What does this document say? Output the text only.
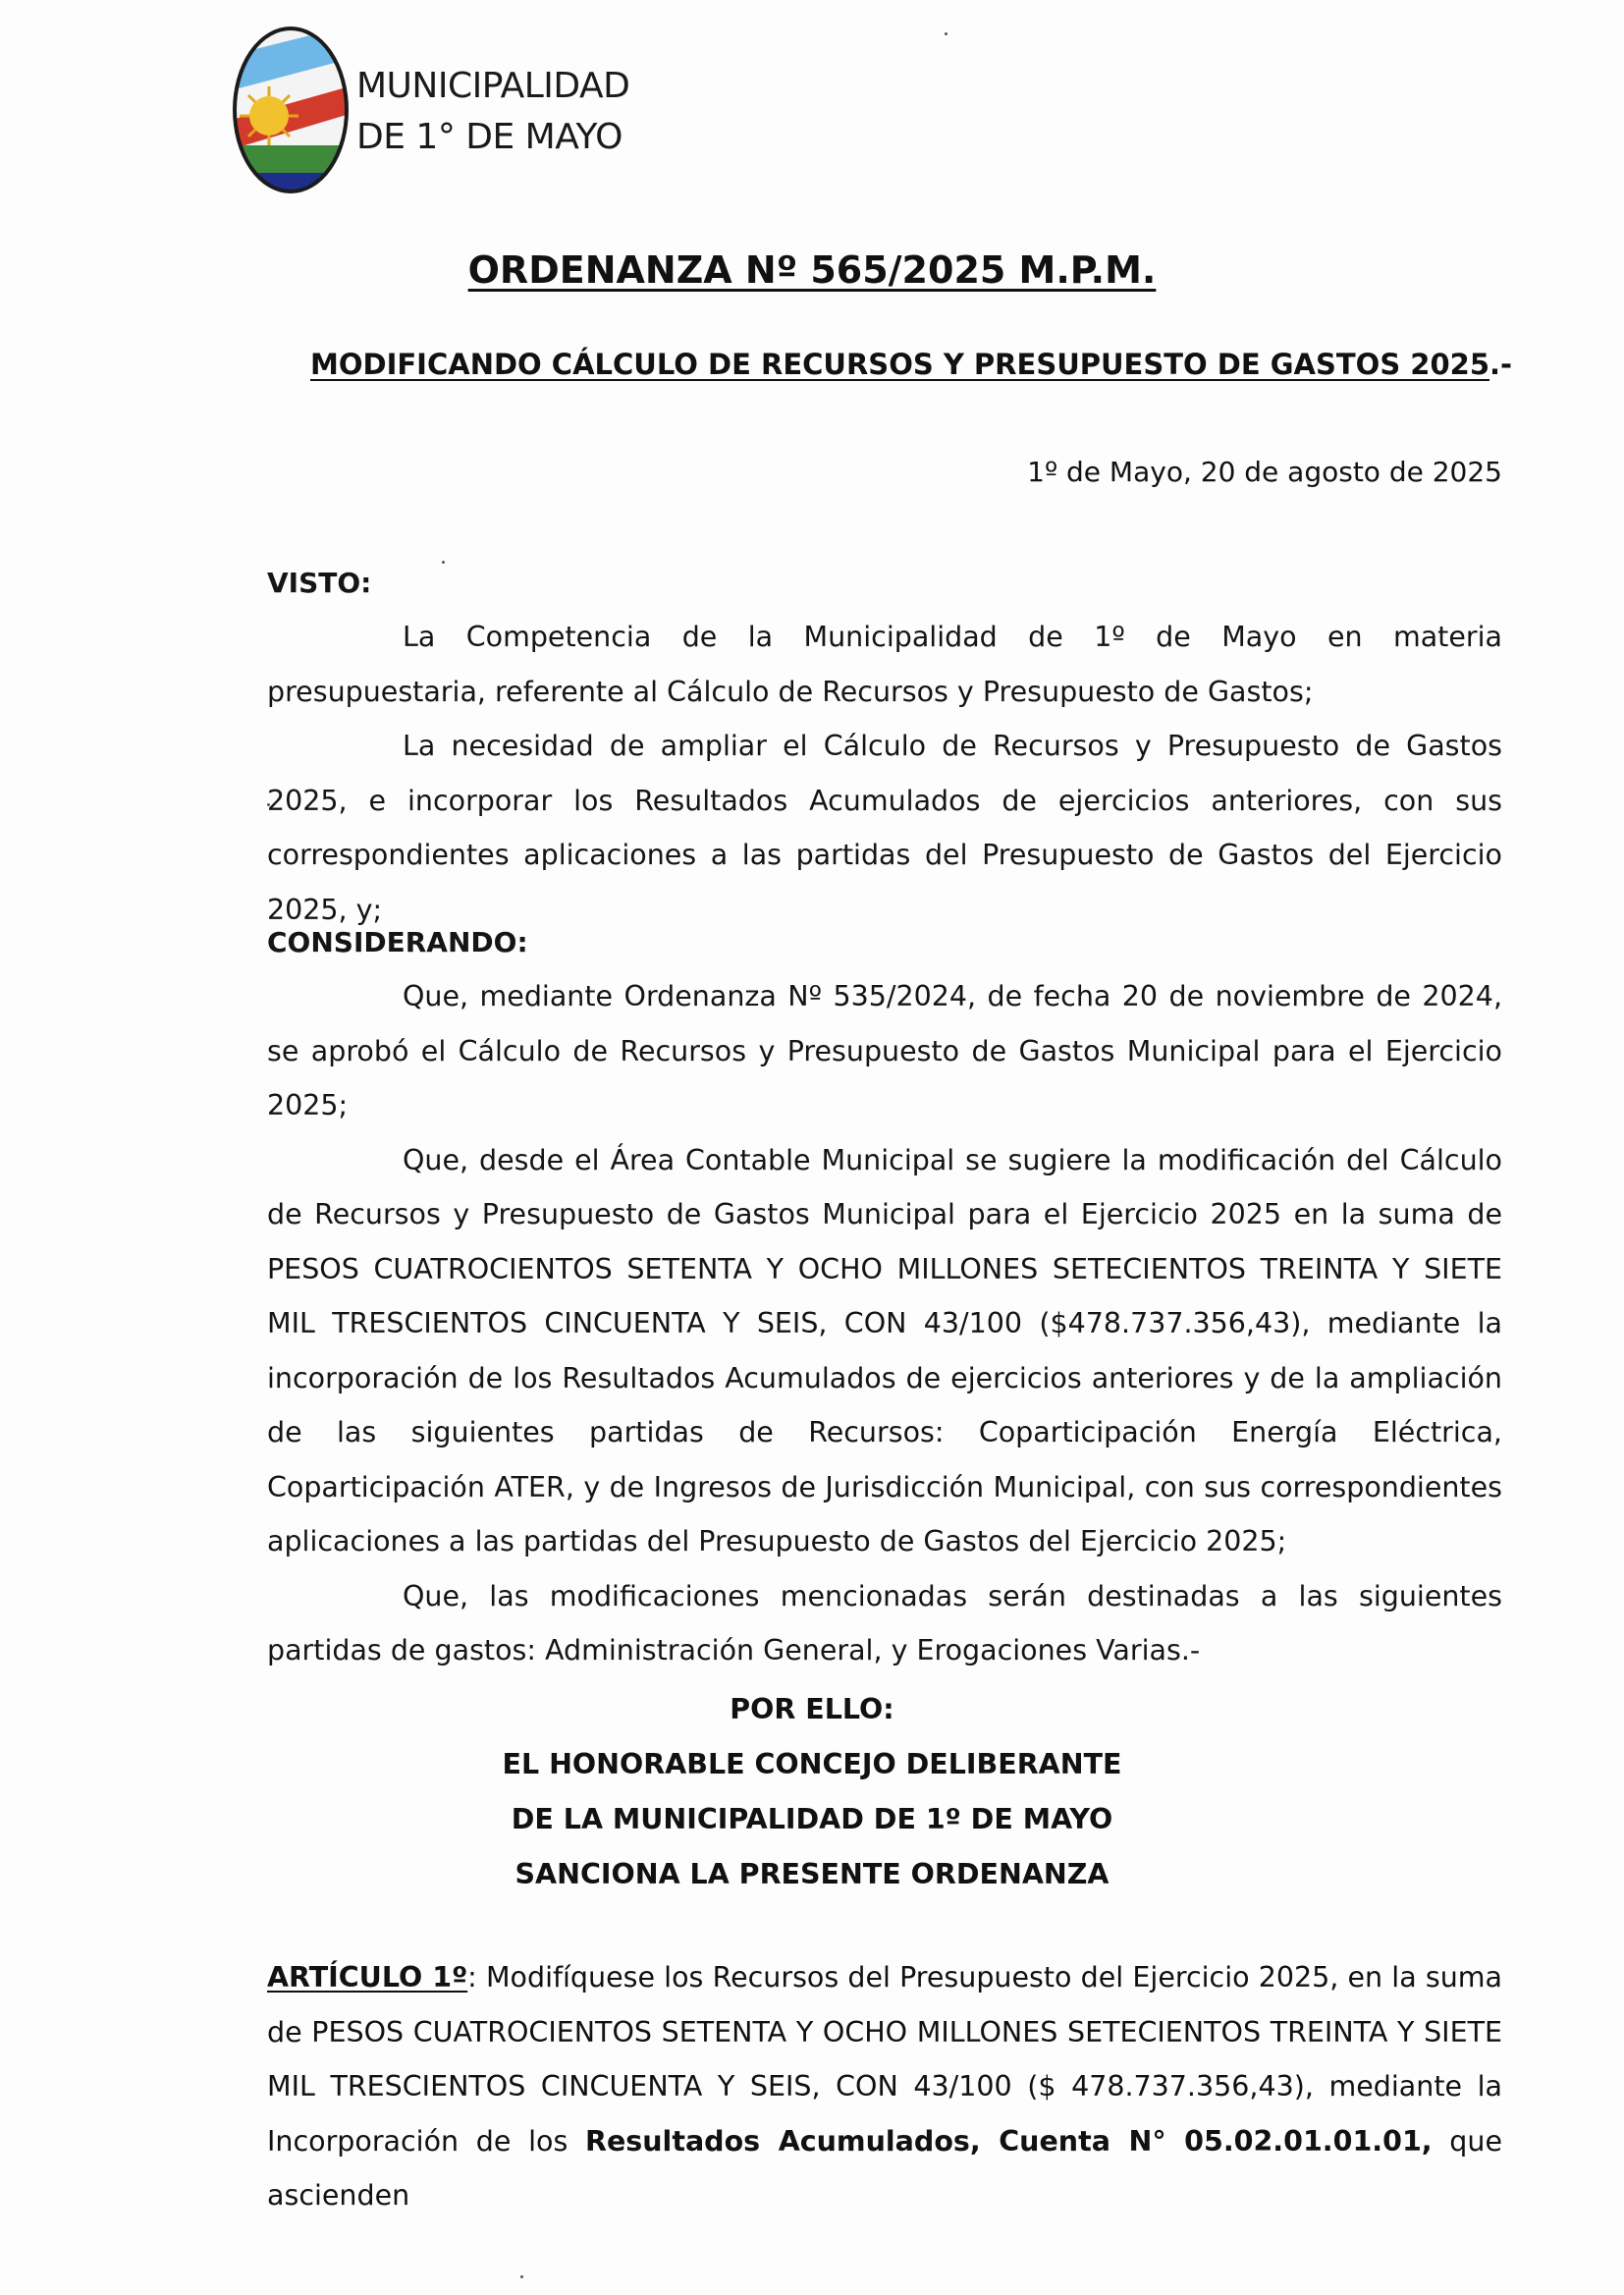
MUNICIPALIDAD
DE 1° DE MAYO
ORDENANZA Nº 565/2025 M.P.M.
MODIFICANDO CÁLCULO DE RECURSOS Y PRESUPUESTO DE GASTOS 2025.-
1º de Mayo, 20 de agosto de 2025

VISTO:

La Competencia de la Municipalidad de 1º de Mayo en materia presupuestaria, referente al Cálculo de Recursos y Presupuesto de Gastos;

La necesidad de ampliar el Cálculo de Recursos y Presupuesto de Gastos 2025, e incorporar los Resultados Acumulados de ejercicios anteriores, con sus correspondientes aplicaciones a las partidas del Presupuesto de Gastos del Ejercicio 2025, y;

CONSIDERANDO:

Que, mediante Ordenanza Nº 535/2024, de fecha 20 de noviembre de 2024, se aprobó el Cálculo de Recursos y Presupuesto de Gastos Municipal para el Ejercicio 2025;

Que, desde el Área Contable Municipal se sugiere la modificación del Cálculo de Recursos y Presupuesto de Gastos Municipal para el Ejercicio 2025 en la suma de PESOS CUATROCIENTOS SETENTA Y OCHO MILLONES SETECIENTOS TREINTA Y SIETE MIL TRESCIENTOS CINCUENTA Y SEIS, CON 43/100 ($478.737.356,43), mediante la incorporación de los Resultados Acumulados de ejercicios anteriores y de la ampliación de las siguientes partidas de Recursos: Coparticipación Energía Eléctrica, Coparticipación ATER, y de Ingresos de Jurisdicción Municipal, con sus correspondientes aplicaciones a las partidas del Presupuesto de Gastos del Ejercicio 2025;

Que, las modificaciones mencionadas serán destinadas a las siguientes partidas de gastos: Administración General, y Erogaciones Varias.-

POR ELLO:
EL HONORABLE CONCEJO DELIBERANTE
DE LA MUNICIPALIDAD DE 1º DE MAYO
SANCIONA LA PRESENTE ORDENANZA

ARTÍCULO 1º: Modifíquese los Recursos del Presupuesto del Ejercicio 2025, en la suma de PESOS CUATROCIENTOS SETENTA Y OCHO MILLONES SETECIENTOS TREINTA Y SIETE MIL TRESCIENTOS CINCUENTA Y SEIS, CON 43/100 ($ 478.737.356,43), mediante la Incorporación de los Resultados Acumulados, Cuenta N° 05.02.01.01.01, que ascienden
